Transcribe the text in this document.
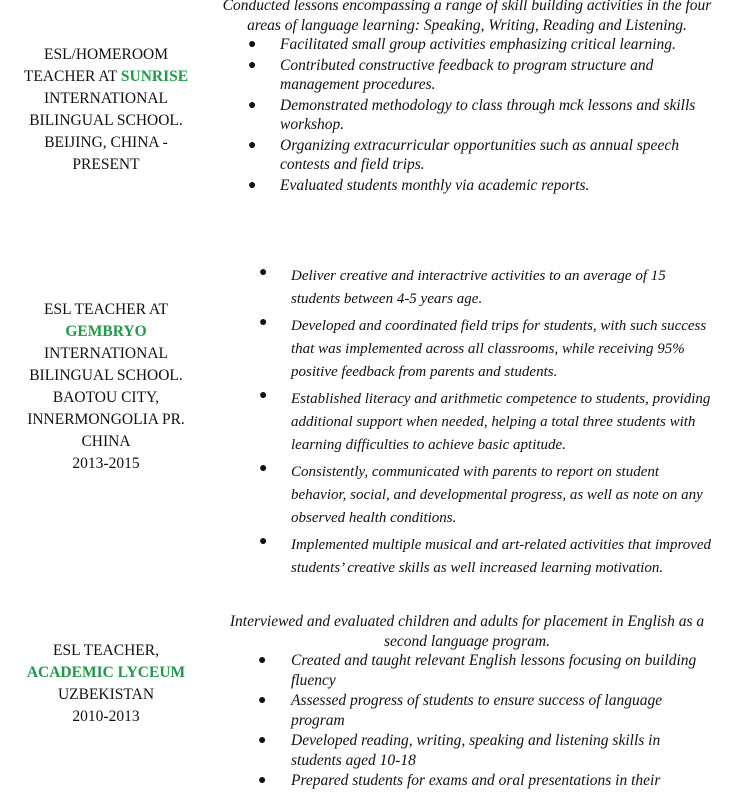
ESL/HOMEROOM
TEACHER AT SUNRISE
INTERNATIONAL
BILINGUAL SCHOOL.
BEIJING, CHINA -
PRESENT
Conducted lessons encompassing a range of skill building activities in the four areas of language learning: Speaking, Writing, Reading and Listening.
● Facilitated small group activities emphasizing critical learning.
● Contributed constructive feedback to program structure and management procedures.
● Demonstrated methodology to class through mck lessons and skills workshop.
● Organizing extracurricular opportunities such as annual speech contests and field trips.
● Evaluated students monthly via academic reports.
ESL TEACHER AT
GEMBRYO
INTERNATIONAL
BILINGUAL SCHOOL.
BAOTOU CITY,
INNERMONGOLIA PR.
CHINA
2013-2015
● Deliver creative and interactrive activities to an average of 15 students between 4-5 years age.
● Developed and coordinated field trips for students, with such success that was implemented across all classrooms, while receiving 95% positive feedback from parents and students.
● Established literacy and arithmetic competence to students, providing additional support when needed, helping a total three students with learning difficulties to achieve basic aptitude.
● Consistently, communicated with parents to report on student behavior, social, and developmental progress, as well as note on any observed health conditions.
● Implemented multiple musical and art-related activities that improved students’ creative skills as well increased learning motivation.
ESL TEACHER,
ACADEMIC LYCEUM
UZBEKISTAN
2010-2013
Interviewed and evaluated children and adults for placement in English as a second language program.
● Created and taught relevant English lessons focusing on building fluency
● Assessed progress of students to ensure success of language program
● Developed reading, writing, speaking and listening skills in students aged 10-18
● Prepared students for exams and oral presentations in their
